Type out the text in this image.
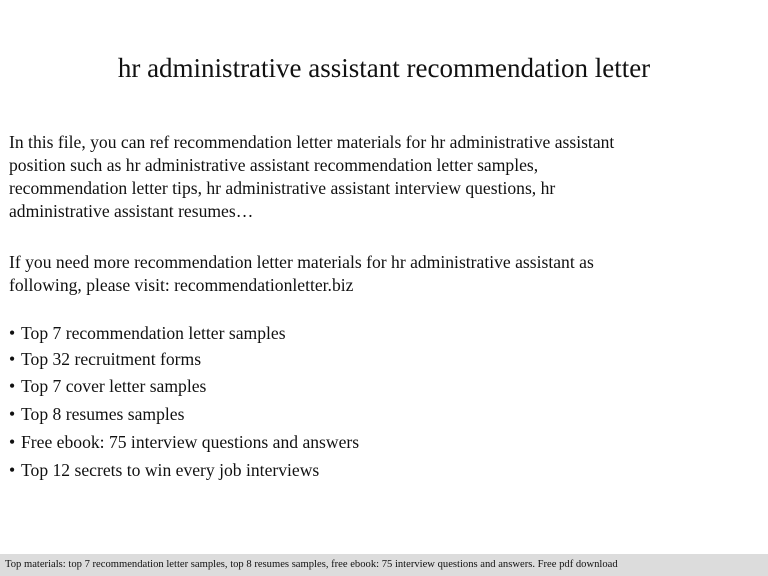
hr administrative assistant recommendation letter

In this file, you can ref recommendation letter materials for hr administrative assistant
position such as hr administrative assistant recommendation letter samples,
recommendation letter tips, hr administrative assistant interview questions, hr
administrative assistant resumes…

If you need more recommendation letter materials for hr administrative assistant as
following, please visit: recommendationletter.biz

• Top 7 recommendation letter samples
• Top 32 recruitment forms
• Top 7 cover letter samples
• Top 8 resumes samples
• Free ebook: 75 interview questions and answers
• Top 12 secrets to win every job interviews
Top materials: top 7 recommendation letter samples, top 8 resumes samples, free ebook: 75 interview questions and answers. Free pdf download
